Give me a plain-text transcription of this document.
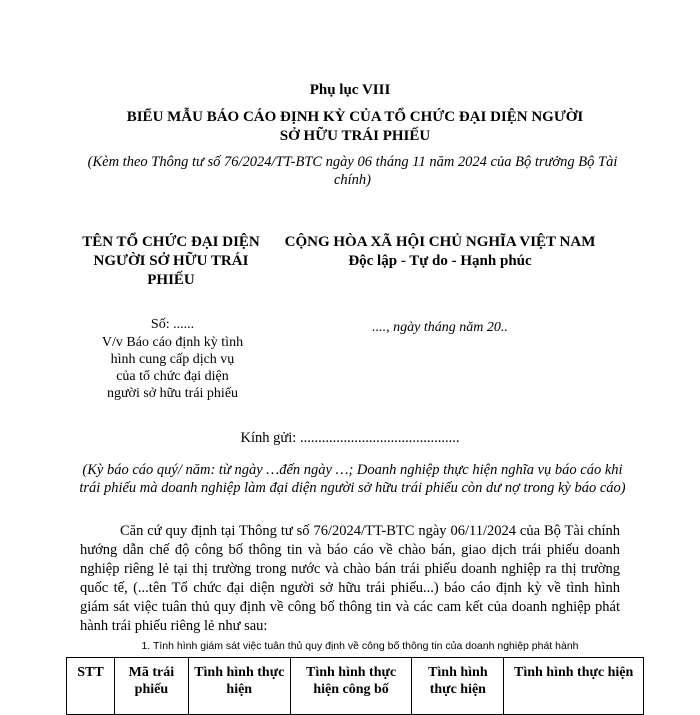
Phụ lục VIII
BIỂU MẪU BÁO CÁO ĐỊNH KỲ CỦA TỔ CHỨC ĐẠI DIỆN NGƯỜI SỞ HỮU TRÁI PHIẾU
(Kèm theo Thông tư số 76/2024/TT-BTC ngày 06 tháng 11 năm 2024 của Bộ trưởng Bộ Tài chính)
TÊN TỔ CHỨC ĐẠI DIỆN NGƯỜI SỞ HỮU TRÁI PHIẾU
CỘNG HÒA XÃ HỘI CHỦ NGHĨA VIỆT NAM
Độc lập - Tự do - Hạnh phúc
Số: ......
V/v Báo cáo định kỳ tình hình cung cấp dịch vụ của tổ chức đại diện người sở hữu trái phiếu
...., ngày tháng năm 20..
Kính gửi: ............................................
(Kỳ báo cáo quý/ năm: từ ngày …đến ngày …; Doanh nghiệp thực hiện nghĩa vụ báo cáo khi trái phiếu mà doanh nghiệp làm đại diện người sở hữu trái phiếu còn dư nợ trong kỳ báo cáo)
Căn cứ quy định tại Thông tư số 76/2024/TT-BTC ngày 06/11/2024 của Bộ Tài chính hướng dẫn chế độ công bố thông tin và báo cáo về chào bán, giao dịch trái phiếu doanh nghiệp riêng lẻ tại thị trường trong nước và chào bán trái phiếu doanh nghiệp ra thị trường quốc tế, (...tên Tổ chức đại diện người sở hữu trái phiếu...) báo cáo định kỳ về tình hình giám sát việc tuân thủ quy định về công bố thông tin và các cam kết của doanh nghiệp phát hành trái phiếu riêng lẻ như sau:
1. Tình hình giám sát việc tuân thủ quy định về công bố thông tin của doanh nghiệp phát hành
STT	Mã trái phiếu	Tình hình thực hiện	Tình hình thực hiện công bố	Tình hình thực hiện	Tình hình thực hiện
